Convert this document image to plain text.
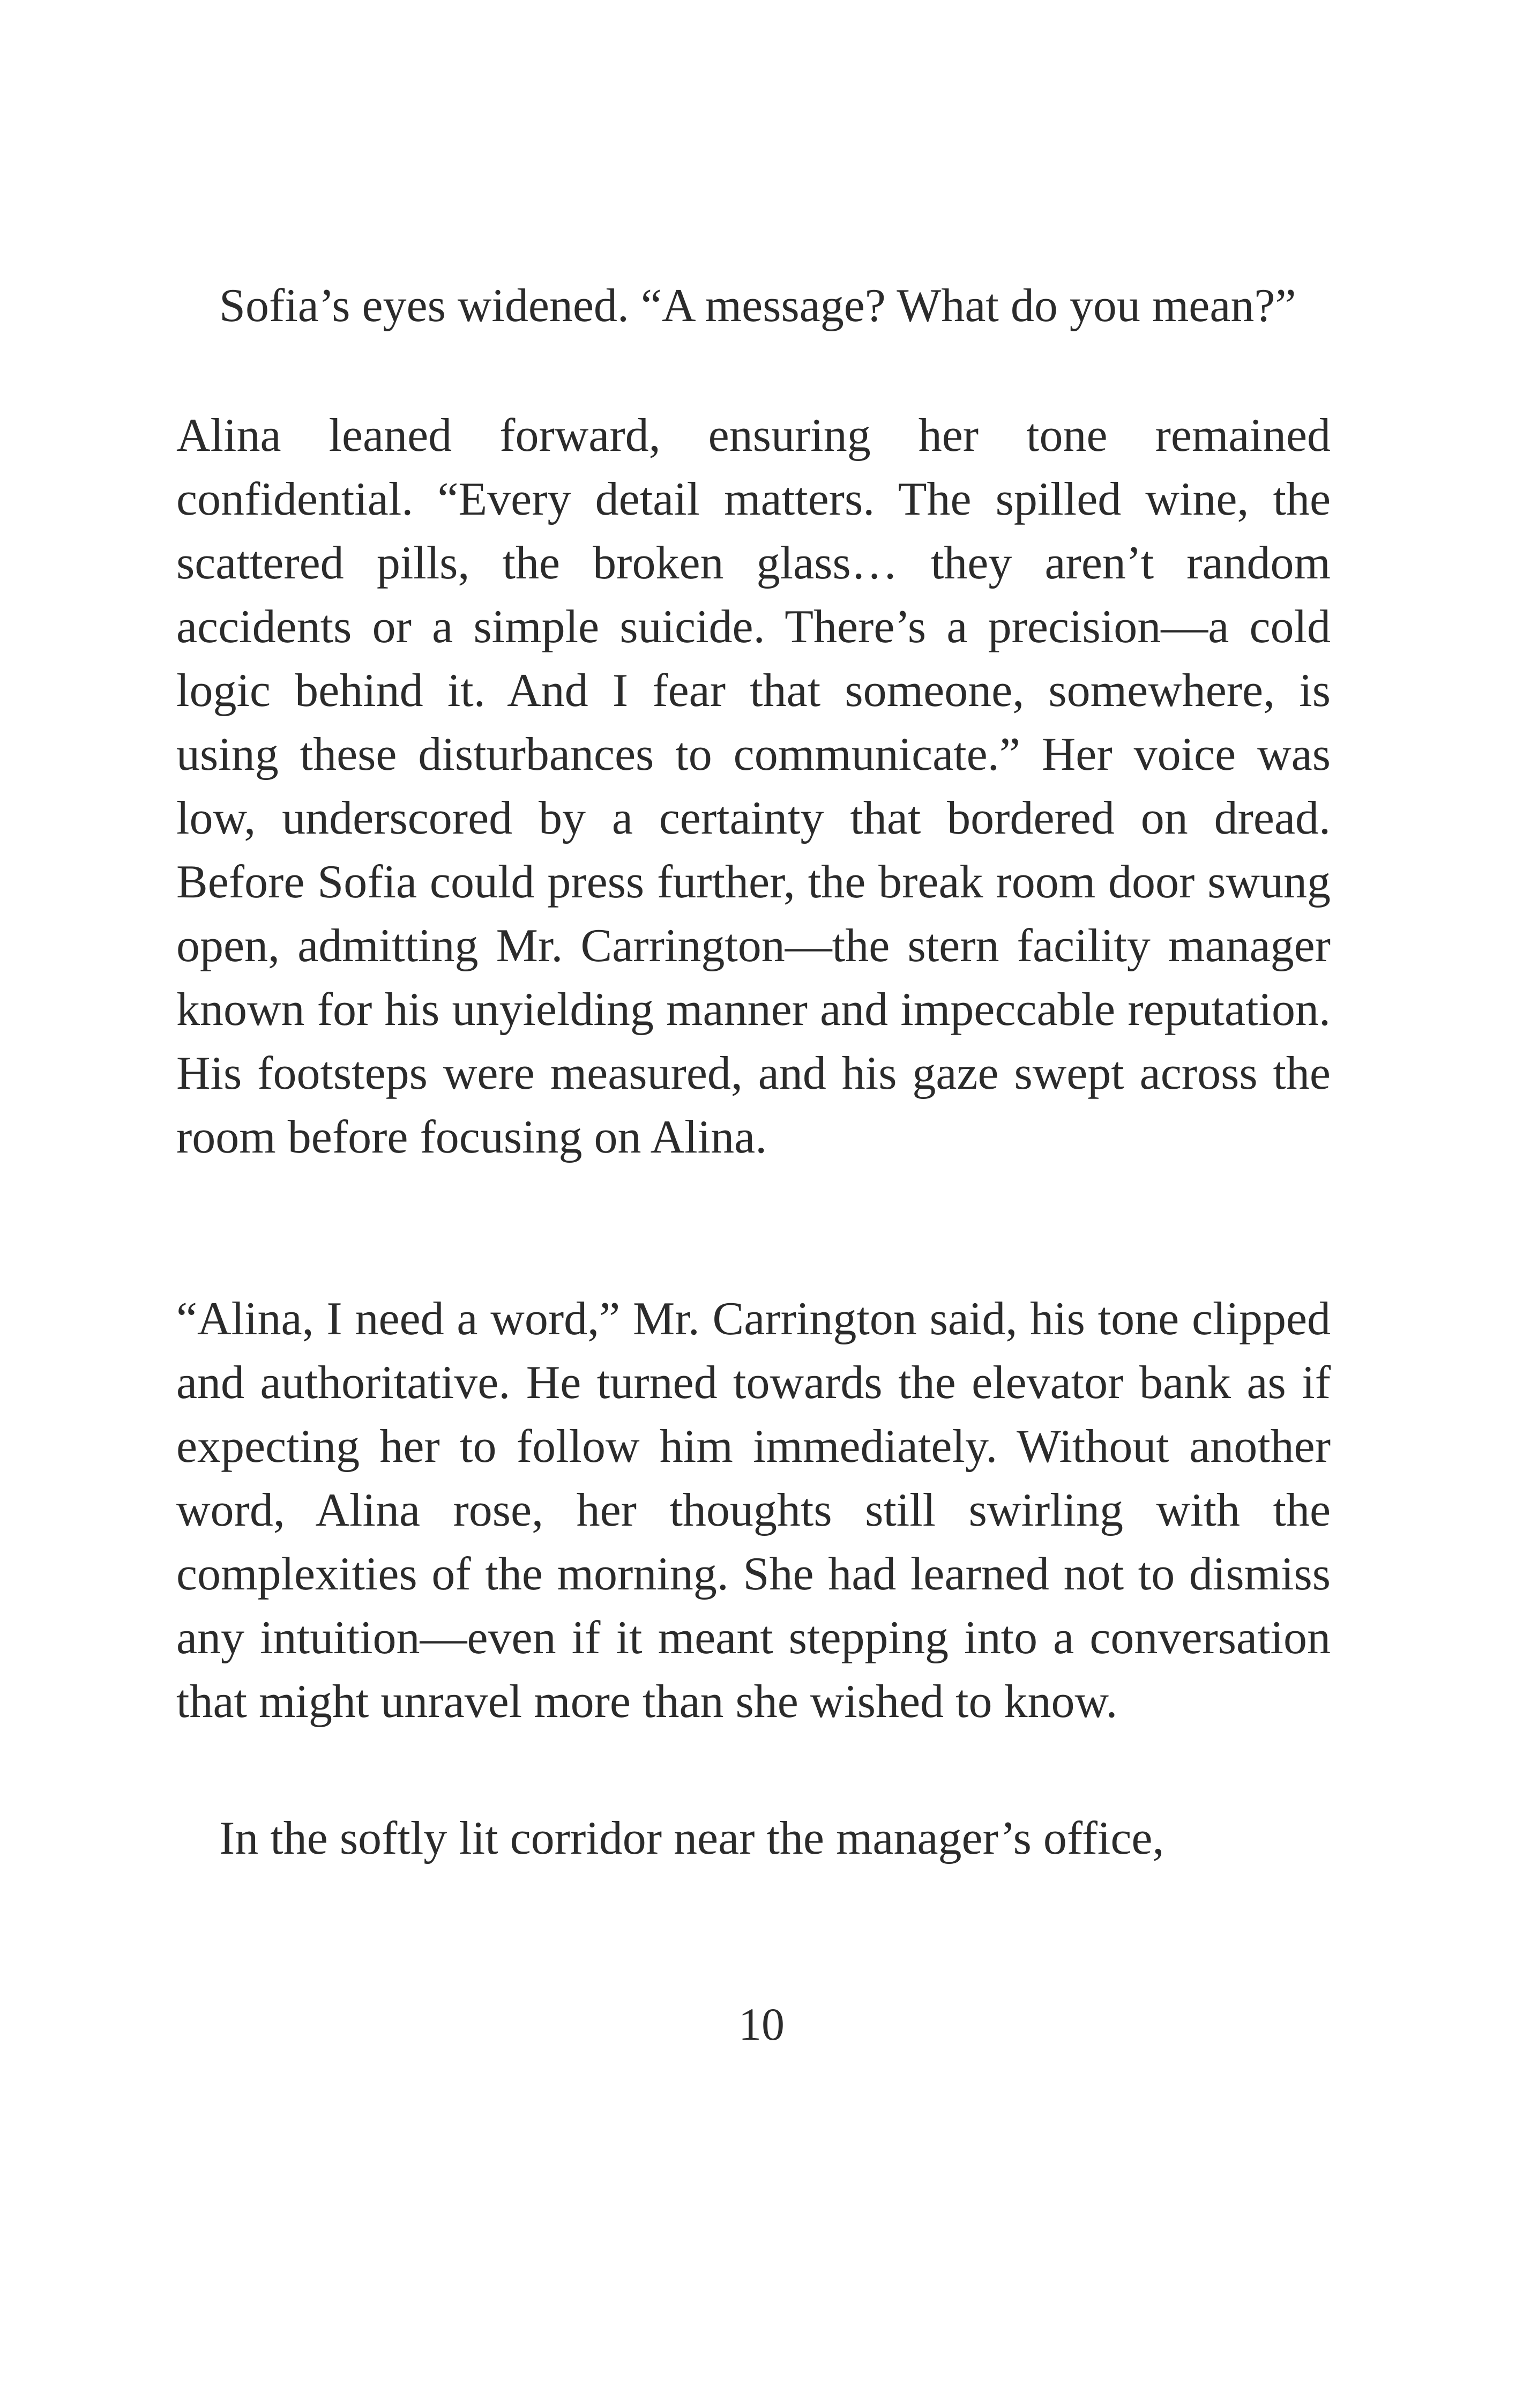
Sofia’s eyes widened. “A message? What do you mean?”

Alina leaned forward, ensuring her tone remained confidential. “Every detail matters. The spilled wine, the scattered pills, the broken glass… they aren’t random accidents or a simple suicide. There’s a precision—a cold logic behind it. And I fear that someone, somewhere, is using these disturbances to communicate.” Her voice was low, underscored by a certainty that bordered on dread. Before Sofia could press further, the break room door swung open, admitting Mr. Carrington—the stern facility manager known for his unyielding manner and impeccable reputation. His footsteps were measured, and his gaze swept across the room before focusing on Alina.

“Alina, I need a word,” Mr. Carrington said, his tone clipped and authoritative. He turned towards the elevator bank as if expecting her to follow him immediately. Without another word, Alina rose, her thoughts still swirling with the complexities of the morning. She had learned not to dismiss any intuition—even if it meant stepping into a conversation that might unravel more than she wished to know.

In the softly lit corridor near the manager’s office,

10
